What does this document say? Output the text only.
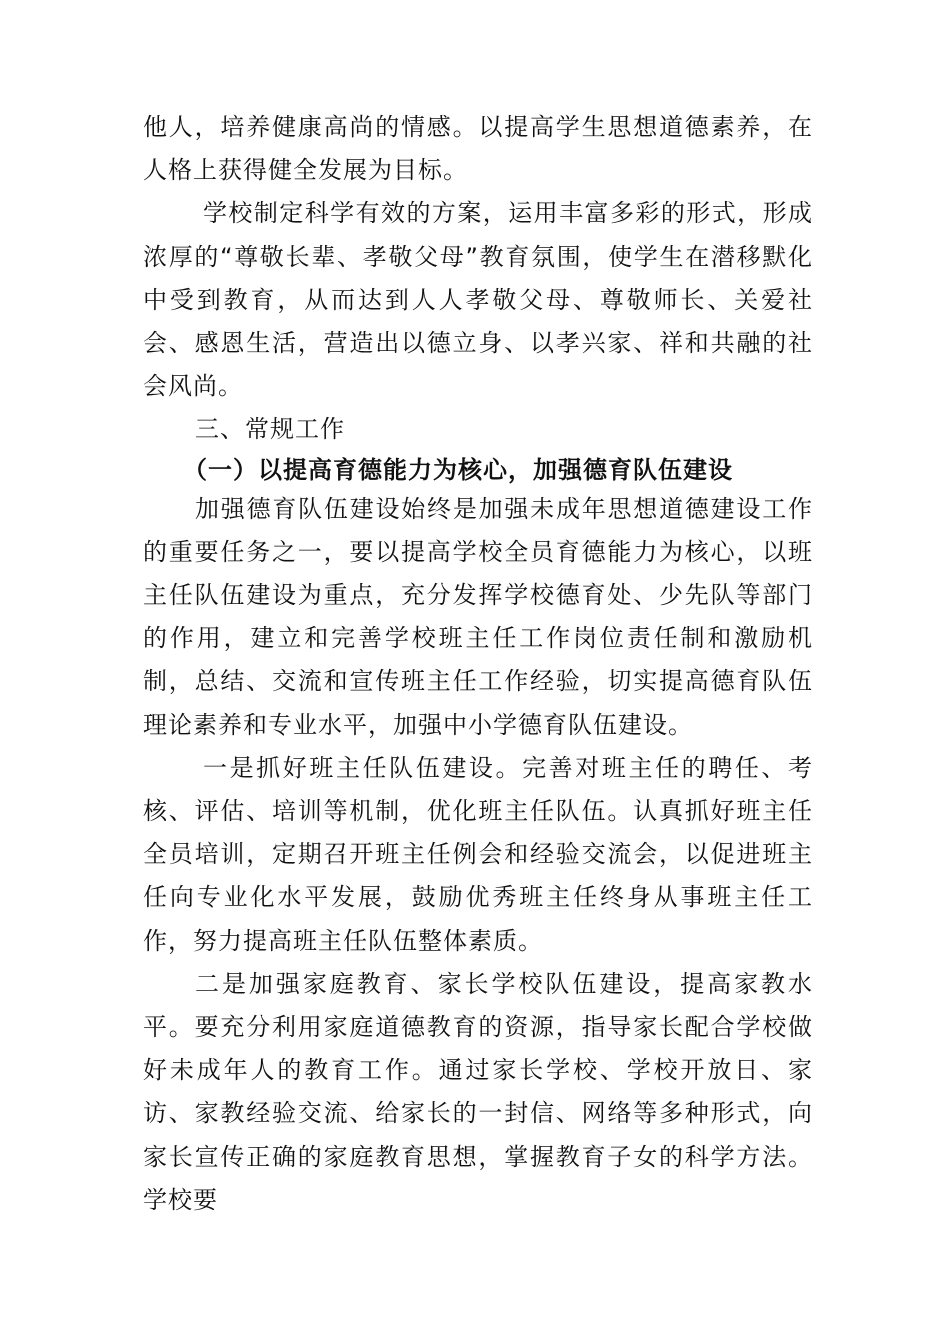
他人，培养健康高尚的情感。以提高学生思想道德素养，在人格上获得健全发展为目标。

学校制定科学有效的方案，运用丰富多彩的形式，形成浓厚的“尊敬长辈、孝敬父母”教育氛围，使学生在潜移默化中受到教育，从而达到人人孝敬父母、尊敬师长、关爱社会、感恩生活，营造出以德立身、以孝兴家、祥和共融的社会风尚。

三、常规工作

（一）以提高育德能力为核心，加强德育队伍建设

加强德育队伍建设始终是加强未成年思想道德建设工作的重要任务之一，要以提高学校全员育德能力为核心，以班主任队伍建设为重点，充分发挥学校德育处、少先队等部门的作用，建立和完善学校班主任工作岗位责任制和激励机制，总结、交流和宣传班主任工作经验，切实提高德育队伍理论素养和专业水平，加强中小学德育队伍建设。

一是抓好班主任队伍建设。完善对班主任的聘任、考核、评估、培训等机制，优化班主任队伍。认真抓好班主任全员培训，定期召开班主任例会和经验交流会，以促进班主任向专业化水平发展，鼓励优秀班主任终身从事班主任工作，努力提高班主任队伍整体素质。

二是加强家庭教育、家长学校队伍建设，提高家教水平。要充分利用家庭道德教育的资源，指导家长配合学校做好未成年人的教育工作。通过家长学校、学校开放日、家访、家教经验交流、给家长的一封信、网络等多种形式，向家长宣传正确的家庭教育思想，掌握教育子女的科学方法。学校要
